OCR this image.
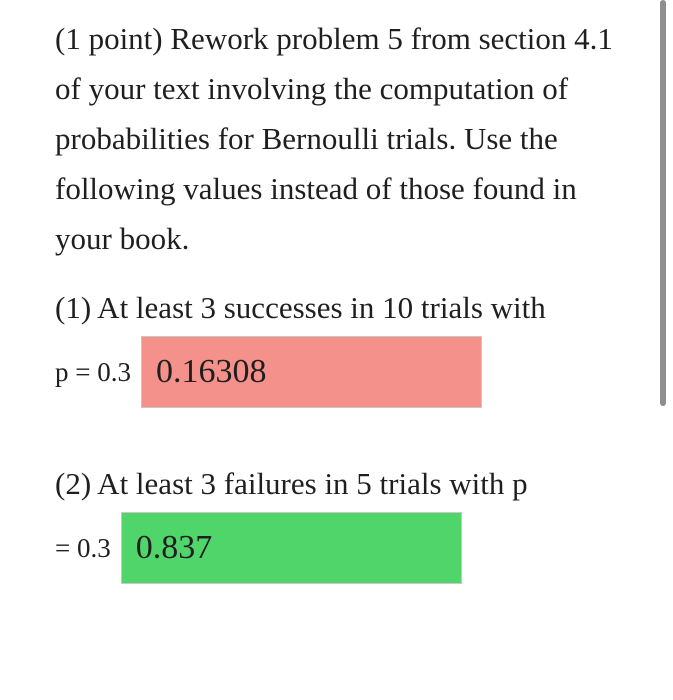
(1 point) Rework problem 5 from section 4.1 of your text involving the computation of probabilities for Bernoulli trials. Use the following values instead of those found in your book.

(1) At least 3 successes in 10 trials with
p = 0.3 0.16308
(2) At least 3 failures in 5 trials with p
= 0.3 0.837
